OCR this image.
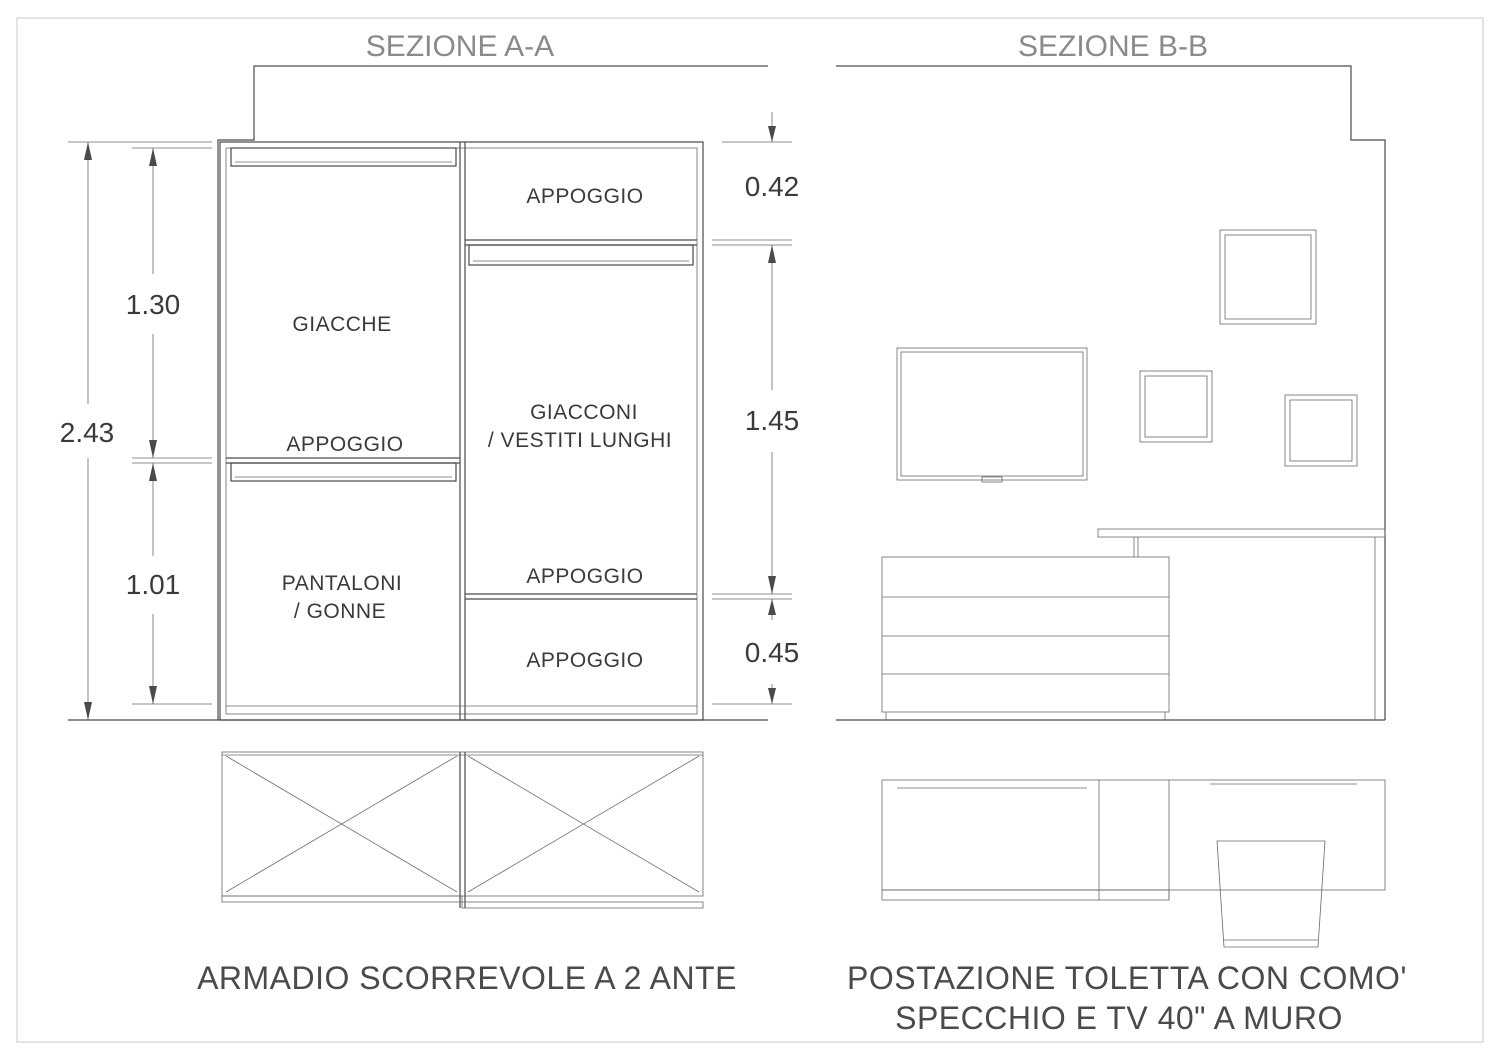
SEZIONE A-A
2.43
1.30
1.01
0.42
1.45
0.45
GIACCHE
APPOGGIO
PANTALONI
/ GONNE
APPOGGIO
GIACCONI
/ VESTITI LUNGHI
APPOGGIO
APPOGGIO
ARMADIO SCORREVOLE A 2 ANTE
SEZIONE B-B
POSTAZIONE TOLETTA CON COMO'
SPECCHIO E TV 40" A MURO
